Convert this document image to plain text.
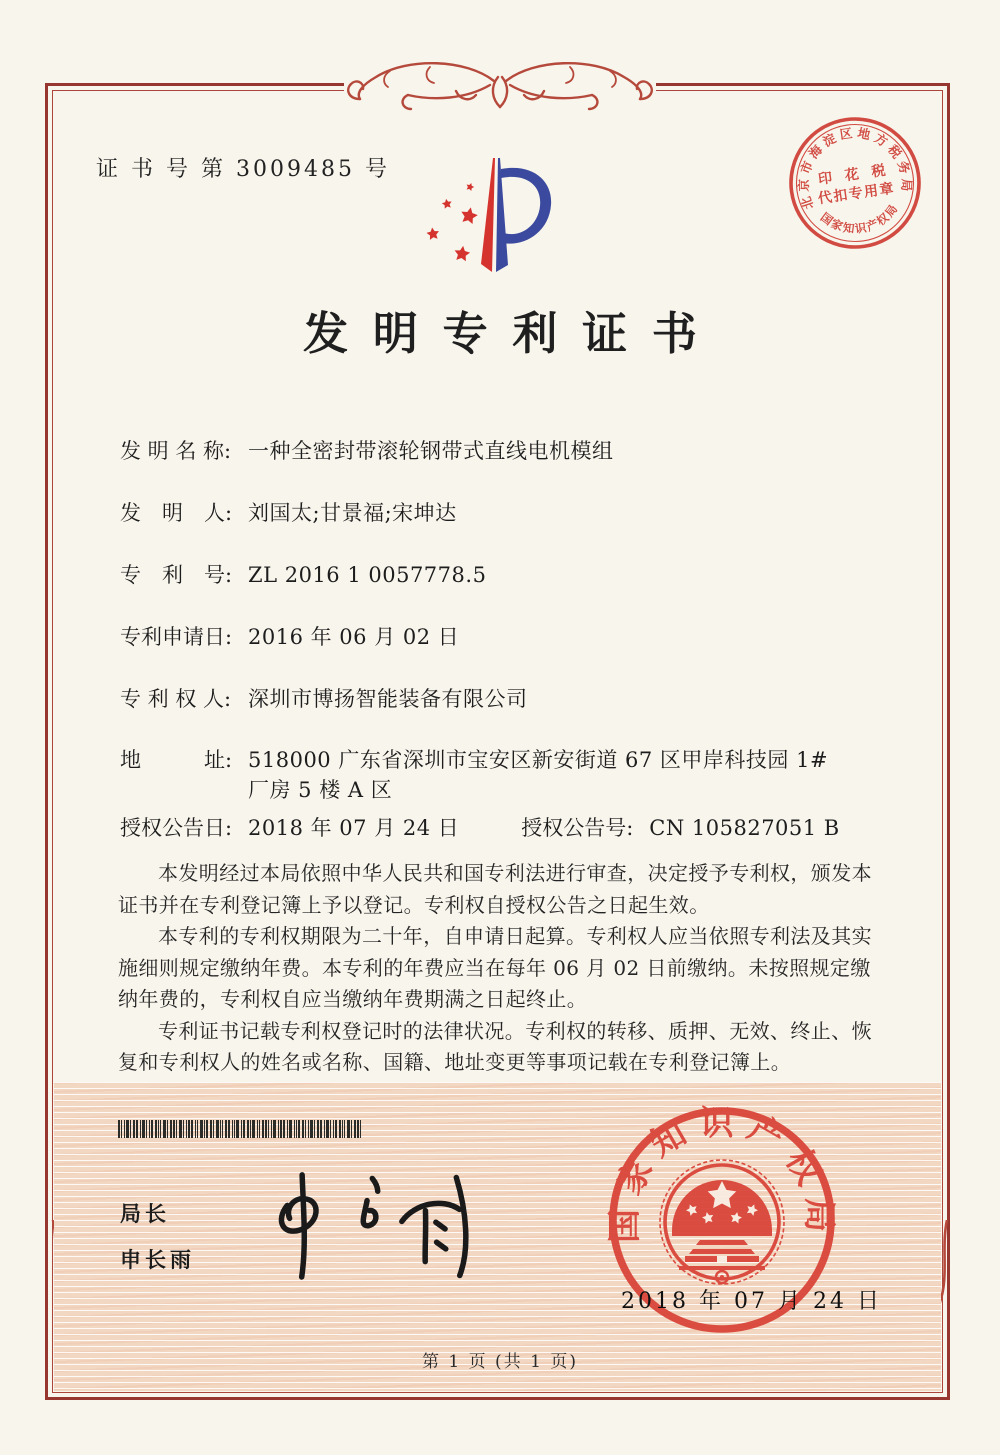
证 书 号 第 3009485 号
北京市海淀区地方税务局
印 花 税
代扣专用章
国家知识产权局
发明专利证书
发 明 名 称: 一种全密封带滚轮钢带式直线电机模组
发　明　人: 刘国太;甘景福;宋坤达
专　利　号: ZL 2016 1 0057778.5
专利申请日: 2016 年 06 月 02 日
专 利 权 人: 深圳市博扬智能装备有限公司
地　　　址: 518000 广东省深圳市宝安区新安街道 67 区甲岸科技园 1#
厂房 5 楼 A 区
授权公告日: 2018 年 07 月 24 日	授权公告号: CN 105827051 B

本发明经过本局依照中华人民共和国专利法进行审查，决定授予专利权，颁发本证书并在专利登记簿上予以登记。专利权自授权公告之日起生效。

本专利的专利权期限为二十年，自申请日起算。专利权人应当依照专利法及其实施细则规定缴纳年费。本专利的年费应当在每年 06 月 02 日前缴纳。未按照规定缴纳年费的，专利权自应当缴纳年费期满之日起终止。

专利证书记载专利权登记时的法律状况。专利权的转移、质押、无效、终止、恢复和专利权人的姓名或名称、国籍、地址变更等事项记载在专利登记簿上。

局长
申长雨
国家知识产权局
2018 年 07 月 24 日
第 1 页 (共 1 页)
